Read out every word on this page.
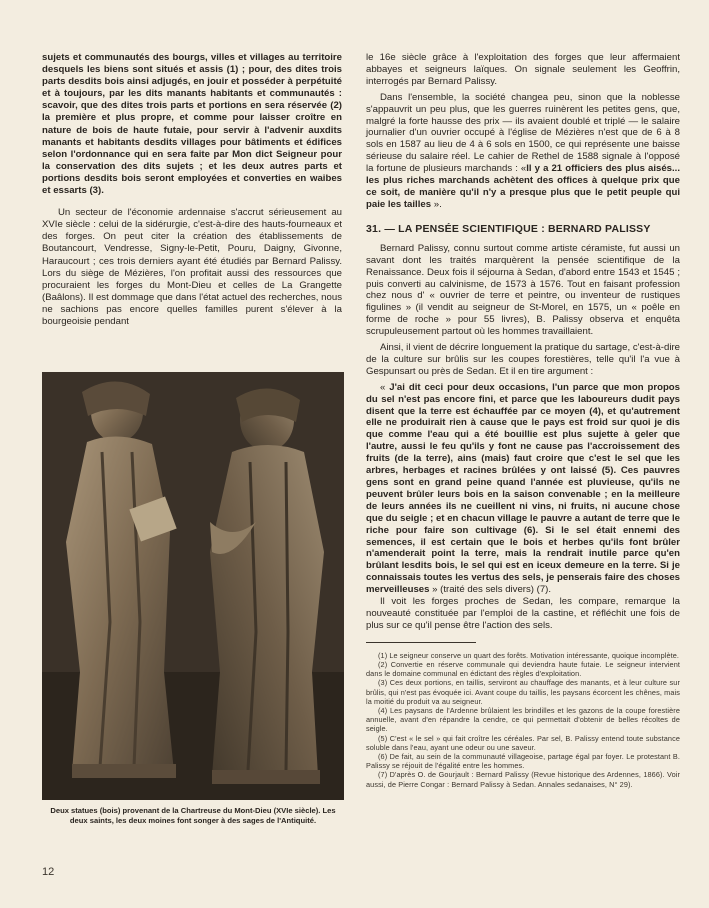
sujets et communautés des bourgs, villes et villages au territoire desquels les biens sont situés et assis (1) ; pour, des dites trois parts desdits bois ainsi adjugés, en jouir et posséder à perpétuité et à toujours, par les dits manants habitants et communautés : scavoir, que des dites trois parts et portions en sera réservée (2) la première et plus propre, et comme pour laisser croître en nature de bois de haute futaie, pour servir à l'advenir auxdits manants et habitants desdits villages pour bâtiments et édifices selon l'ordonnance qui en sera faite par Mon dict Seigneur pour la conservation des dits sujets ; et les deux autres parts et portions desdits bois seront employées et converties en waibes et essarts (3).

Un secteur de l'économie ardennaise s'accrut sérieusement au XVIe siècle : celui de la sidérurgie, c'est-à-dire des hauts-fourneaux et des forges. On peut citer la création des établissements de Boutancourt, Vendresse, Signy-le-Petit, Pouru, Daigny, Givonne, Haraucourt ; ces trois derniers ayant été étudiés par Bernard Palissy. Lors du siège de Mézières, l'on profitait aussi des ressources que procuraient les forges du Mont-Dieu et celles de La Grangette (Baâlons). Il est dommage que dans l'état actuel des recherches, nous ne sachions pas encore quelles familles purent s'élever à la bourgeoisie pendant

Deux statues (bois) provenant de la Chartreuse du Mont-Dieu (XVIe siècle). Les deux saints, les deux moines font songer à des sages de l'Antiquité.

le 16e siècle grâce à l'exploitation des forges que leur affermaient abbayes et seigneurs laïques. On signale seulement les Geoffrin, interrogés par Bernard Palissy.

Dans l'ensemble, la société changea peu, sinon que la noblesse s'appauvrit un peu plus, que les guerres ruinèrent les petites gens, que, malgré la forte hausse des prix — ils avaient doublé et triplé — le salaire journalier d'un ouvrier occupé à l'église de Mézières n'est que de 6 à 8 sols en 1587 au lieu de 4 à 6 sols en 1500, ce qui représente une baisse sérieuse du salaire réel. Le cahier de Rethel de 1588 signale à l'opposé la fortune de plusieurs marchands : «Il y a 21 officiers des plus aisés... les plus riches marchands achètent des offices à quelque prix que ce soit, de manière qu'il n'y a presque plus que le petit peuple qui paie les tailles ».

31. — LA PENSÉE SCIENTIFIQUE : BERNARD PALISSY

Bernard Palissy, connu surtout comme artiste céramiste, fut aussi un savant dont les traités marquèrent la pensée scientifique de la Renaissance. Deux fois il séjourna à Sedan, d'abord entre 1543 et 1545 ; puis converti au calvinisme, de 1573 à 1576. Tout en faisant profession chez nous d' « ouvrier de terre et peintre, ou inventeur de rustiques figulines » (il vendit au seigneur de St-Morel, en 1575, un « poêle en forme de roche » pour 55 livres), B. Palissy observa et enquêta scrupuleusement partout où les hommes travaillaient.

Ainsi, il vient de décrire longuement la pratique du sartage, c'est-à-dire de la culture sur brûlis sur les coupes forestières, telle qu'il l'a vue à Gespunsart ou près de Sedan. Et il en tire argument :

« J'ai dit ceci pour deux occasions, l'un parce que mon propos du sel n'est pas encore fini, et parce que les laboureurs dudit pays disent que la terre est échauffée par ce moyen (4), et qu'autrement elle ne produirait rien à cause que le pays est froid sur quoi je dis que comme l'eau qui a été bouillie est plus sujette à geler que l'autre, aussi le feu qu'ils y font ne cause pas l'accroissement des fruits (de la terre), ains (mais) faut croire que c'est le sel que les arbres, herbages et racines brûlées y ont laissé (5). Ces pauvres gens sont en grand peine quand l'année est pluvieuse, qu'ils ne peuvent brûler leurs bois en la saison convenable ; en la meilleure de leurs années ils ne cueillent ni vins, ni fruits, ni aucune chose que du seigle ; et en chacun village le pauvre a autant de terre que le riche pour faire son cultivage (6). Si le sel était ennemi des semences, il est certain que le bois et herbes qu'ils font brûler n'amenderait point la terre, mais la rendrait inutile parce qu'en brûlant lesdits bois, le sel qui est en iceux demeure en la terre. Si je connaissais toutes les vertus des sels, je penserais faire des choses merveilleuses » (traité des sels divers) (7).

Il voit les forges proches de Sedan, les compare, remarque la nouveauté constituée par l'emploi de la castine, et réfléchit une fois de plus sur ce qu'il pense être l'action des sels.

(1) Le seigneur conserve un quart des forêts. Motivation intéressante, quoique incomplète.

(2) Convertie en réserve communale qui deviendra haute futaie. Le seigneur intervient dans le domaine communal en édictant des règles d'exploitation.

(3) Ces deux portions, en taillis, serviront au chauffage des manants, et à leur culture sur brûlis, qui n'est pas évoquée ici. Avant coupe du taillis, les paysans écorcent les chênes, mais la moitié du produit va au seigneur.

(4) Les paysans de l'Ardenne brûlaient les brindilles et les gazons de la coupe forestière annuelle, avant d'en répandre la cendre, ce qui permettait d'obtenir de belles récoltes de seigle.

(5) C'est « le sel » qui fait croître les céréales. Par sel, B. Palissy entend toute substance soluble dans l'eau, ayant une odeur ou une saveur.

(6) De fait, au sein de la communauté villageoise, partage égal par foyer. Le protestant B. Palissy se réjouit de l'égalité entre les hommes.

(7) D'après O. de Gourjault : Bernard Palissy (Revue historique des Ardennes, 1866). Voir aussi, de Pierre Congar : Bernard Palissy à Sedan. Annales sedanaises, N° 29).

12
